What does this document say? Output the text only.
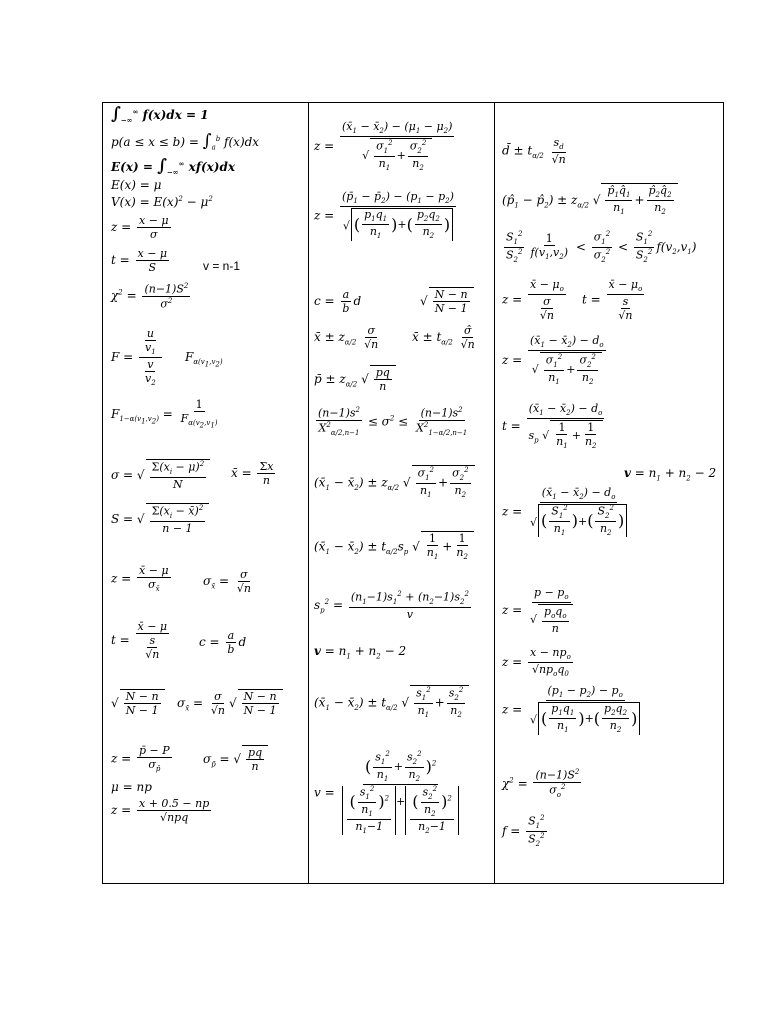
$\int_{-\infty}^\infty$ f(x)dx = 1
$p(a \le x \le b) = \int_a^b$ f(x)dx
$E(x) = \int_{-\infty}^\infty$ xf(x)dx
E(x) = μ
$V(x) = E(x)^2 - \mu^2$
$z = \frac{x - \mu}{\sigma}$
$t = \frac{x - \mu}{S}$	v = n-1
$\chi^2 = \frac{(n-1)S^2}{\sigma^2}$
$F = \frac{\frac{u}{v_1}}{\frac{v}{v_2}} F_{\alpha(v_1,v_2)}$
$F_{1-\alpha(v_1,v_2)} = \frac{1}{F_{\alpha(v_2,v_1)}}$
σ = √ $\frac{\Sigma(x_i - \mu)^2}{N}$ x̄ = $\frac{\Sigma x}{n}$
S = √ $\frac{\Sigma(x_i - x̄)^2}{n - 1}$
$z = \frac{x̄ - \mu}{\sigma_{x̄}}$	$\sigma_{x̄} = \frac{\sigma}{√n}$
$t = \frac{x̄ - \mu}{\frac{s}{√n}}$ $c = \frac{a}{b}$ d
√ $\frac{N - n}{N - 1} \sigma_{x̄} = \frac{\sigma}{√n}$ √ $\frac{N - n}{N - 1}$
$z = \frac{p̄ - P}{\sigma_{p̄}}$	$\sigma_{p̄}$ = √ $\frac{pq}{n}$
μ = np
$z = \frac{x + 0.5 - np}{\text{√npq}}$
$z = \frac{(x̄_1 - x̄_2) - (\mu_1 - \mu_2)}{√ \frac{\sigma_1^2}{n_1} + \frac{\sigma_2^2}{n_2}}$
$z = \frac{(p̄_1 - p̄_2) - (p_1 - p_2)}{√ ( \frac{p_1q_1}{n_1} ) + ( \frac{p_2q_2}{n_2} )}$
$c = \frac{a}{b}$ d	√ $\frac{N - n}{N - 1}$
x̄ ± $z_{\alpha/2} \frac{\sigma}{√n}$	x̄ ± $t_{\alpha/2} \frac{\sigmâ}{√n}$
p̄ ± $z_{\alpha/2}$ √ $\frac{pq}{n}$
$\frac{(n-1)s^2}{X^2_{\alpha/2,n-1}} \le \sigma^2 \le \frac{(n-1)s^2}{X^2_{1-\alpha/2,n-1}}$
($x̄_1$ − $x̄_2) \pm z_{\alpha/2}$ √ $\frac{\sigma_1^2}{n_1} + \frac{\sigma_2^2}{n_2}$
($x̄_1$ − $x̄_2) \pm t_{\alpha/2}s_p$ √ $\frac{1}{n_1} + \frac{1}{n_2}$
$s_p^2 = \frac{(n_1-1)s_1^2 + (n_2-1)s_2^2}{v}$
$v = n_1 + n_2 - 2$
($x̄_1$ − $x̄_2) \pm t_{\alpha/2}$ √ $\frac{s_1^2}{n_1} + \frac{s_2^2}{n_2}$
$v = \frac{( \frac{s_1^2}{n_1} + \frac{s_2^2}{n_2} )^2}{\frac{( \frac{s_1^2}{n_1} )^2}{n_1-1} + \frac{( \frac{s_2^2}{n_2} )^2}{n_2-1}}$
d̄ ± $t_{\alpha/2} \frac{s_d}{√n}$
($p̂_1$ − $p̂_2) \pm z_{\alpha/2}$ √ $\frac{p̂_1q̂_1}{n_1} + \frac{p̂_2q̂_2}{n_2}$
$\frac{S_1^2}{S_2^2} \frac{1}{f(v_1,v_2)} < \frac{\sigma_1^2}{\sigma_2^2} < \frac{S_1^2}{S_2^2} f(v_2,v_1)$
$z = \frac{x̄ - \mu_o}{\frac{\sigma}{√n}}$ $t = \frac{x̄ - \mu_o}{\frac{s}{√n}}$
$z = \frac{(x̄_1 - x̄_2) - d_o}{√ \frac{\sigma_1^2}{n_1} + \frac{\sigma_2^2}{n_2}}$
$t = \frac{(x̄_1 - x̄_2) - d_o}{s_p √ \frac{1}{n_1} + \frac{1}{n_2}}$
$v = n_1 + n_2 - 2$
$z = \frac{(x̄_1 - x̄_2) - d_o}{√ ( \frac{S_1^2}{n_1} ) + ( \frac{S_2^2}{n_2} )}$
$z = \frac{p - p_o}{√ \frac{p_oq_o}{n}}$
$z = \frac{x - np_o}{√np_oq_0}$
$z = \frac{(p_1 - p_2) - p_o}{√ ( \frac{p_1q_1}{n_1} ) + ( \frac{p_2q_2}{n_2} )}$
$\chi^2 = \frac{(n-1)S^2}{\sigma_o^2}$
$f = \frac{S_1^2}{S_2^2}$
